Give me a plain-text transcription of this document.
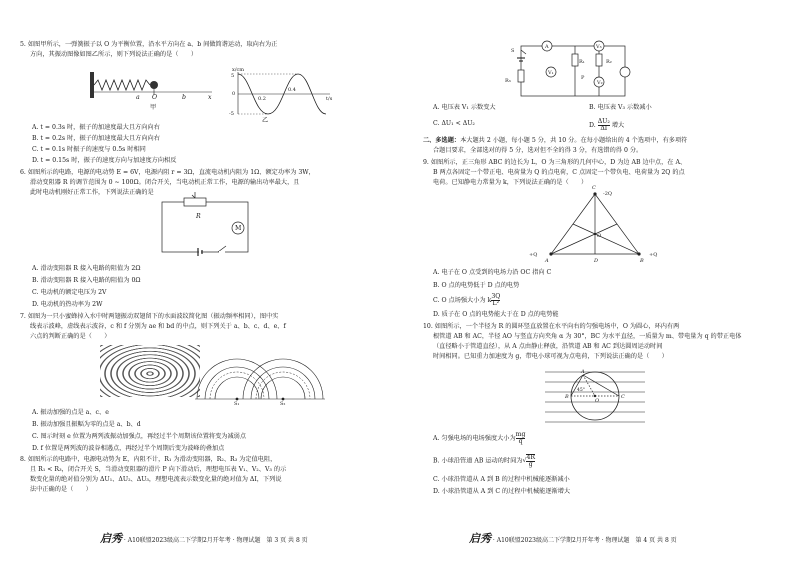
5. 如图甲所示，一弹簧振子以 O 为平衡位置，沿水平方向在 a、b 间做简谐运动，取向右为正
方向，其振动图像如图乙所示，则下列说法正确的是（　　）
a O	b	x
甲
x/cm
5
0
-5
0.2
0.4
t/s
乙
A. t = 0.3s 时，振子的加速度最大且方向向右
B. t = 0.2s 时，振子的加速度最大且方向向右
C. t = 0.1s 时振子的速度与 0.5s 时相同
D. t = 0.15s 时，振子的速度方向与加速度方向相反
6. 如图所示的电路，电源的电动势 E = 6V，电源内阻 r = 3Ω，直流电动机内阻为 1Ω、额定功率为 3W，
滑动变阻器 R 的调节范围为 0 ~ 100Ω。闭合开关，当电动机正常工作，电源的输出功率最大，且
此时电动机刚好正常工作，下列说法正确的是
R
M
A. 滑动变阻器 R 接入电路的阻值为 2Ω
B. 滑动变阻器 R 接入电路的阻值为 0Ω
C. 电动机的额定电压为 2V
D. 电动机的热功率为 2W
7. 如图为一只小蜜蜂掉入水中时两翅振动双翅留下的水面波纹简化图（振动频率相同），图中实
线表示波峰，虚线表示波谷，c 和 f 分别为 ae 和 bd 的中点，则下列关于 a、b、c、d、e、f
六点的判断正确的是（　　）
S₁	S₂
A. 振动加强的点是 a、c、e
B. 振动加强且振幅为零的点是 a、b、d
C. 图示时刻 e 位置为两列波振动加强点，再经过半个周期该位置将变为减弱点
D. f 位置是两列波的波谷相遇点，再经过半个周期后变为波峰的叠加点
8. 如图所示的电路中，电源电动势为 E，内阻不计，R₁ 为滑动变阻器，R₂、R₃ 为定值电阻，
且 R₁ < R₃，闭合开关 S，当滑动变阻器的滑片 P 向下滑动后，理想电压表 V₁、V₂、V₃ 的示
数变化量的绝对值分别为 ΔU₁、ΔU₂、ΔU₃，理想电流表示数变化量的绝对值为 ΔI，下列说
法中正确的是（　　）
启秀 · A10联盟2023级高二下学期2月开年考 · 物理试题　第 3 页 共 8 页
S
A	V₃
V₁
R₁	R₂
P
R₃	V₂
A. 电压表 V₁ 示数变大	B. 电压表 V₃ 示数减小
C. ΔU₁ < ΔU₂	D. $\frac{\text{ΔU₂}}{\Delta I}$ 增大
二、多选题：本大题共 2 小题，每小题 5 分，共 10 分。在每小题给出的 4 个选项中，有多项符
合题目要求，全部选对的得 5 分，选对但不全的得 3 分，有选错的得 0 分。
9. 如图所示，正三角形 ABC 的边长为 L，O 为三角形的几何中心，D 为边 AB 边中点，在 A、
B 两点各固定一个带正电、电荷量为 Q 的点电荷，C 点固定一个带负电、电荷量为 2Q 的点
电荷。已知静电力常量为 k，下列说法正确的是（　　）
C
-2Q
O
+Q
A	D	B
+Q
A. 电子在 O 点受到的电场力沿 OC 指向 C
B. O 点的电势低于 D 点的电势
C. O 点场强大小为 k $\frac{3Q}{\text{L²}}$
D. 质子在 O 点的电势能大于在 D 点的电势能
10. 如图所示，一个半径为 R 的圆环竖直放置在水平向右的匀强电场中，O 为圆心，环内有两
根管道 AB 和 AC，半径 AO 与竖直方向夹角 α 为 30°，BC 为水平直径，一质量为 m、带电量为 q 的带正电体
（直径略小于管道直径），从 A 点由静止释放，沿管道 AB 和 AC 到达圆周运动时间
时间相同。已知重力加速度为 g，带电小球可视为点电荷，下列说法正确的是（　　）
A
B
O
C
45°
A. 匀强电场的电场强度大小为 $\frac{mg}{q}$
B. 小球沿管道 AB 运动的时间为√ $\frac{4R}{g}$
C. 小球沿管道从 A 到 B 的过程中机械能逐渐减小
D. 小球沿管道从 A 到 C 的过程中机械能逐渐增大
启秀 · A10联盟2023级高二下学期2月开年考 · 物理试题　第 4 页 共 8 页
